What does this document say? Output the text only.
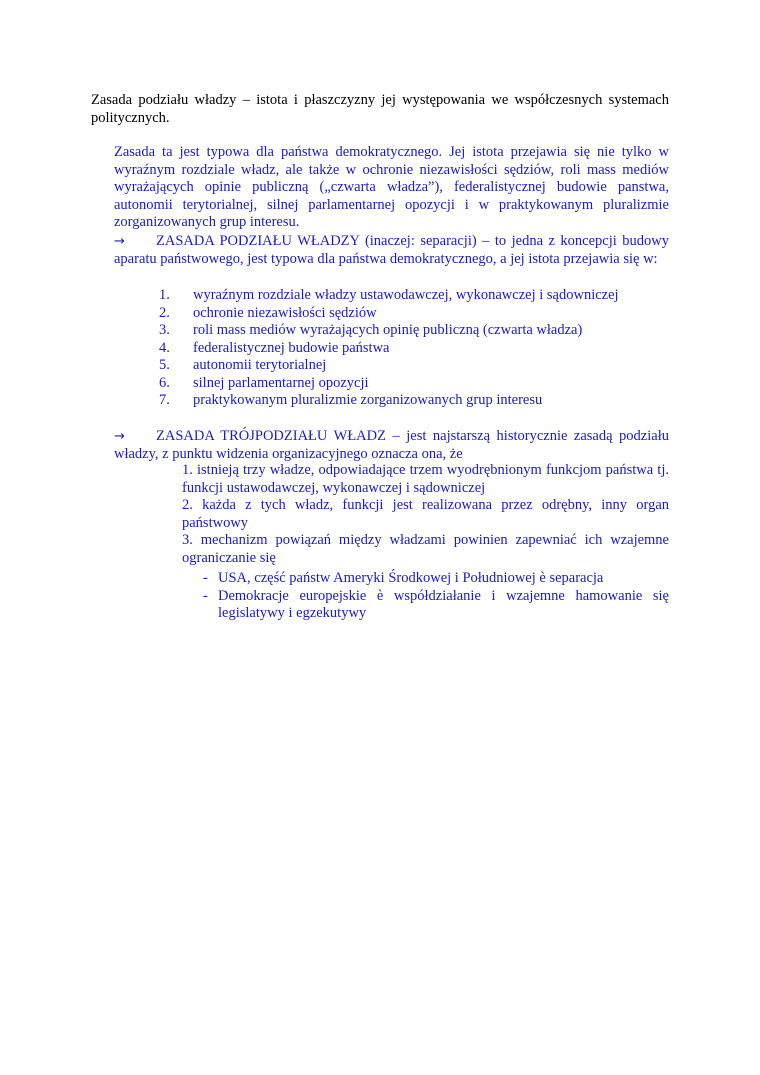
Zasada podziału władzy – istota i płaszczyzny jej występowania we współczesnych systemach politycznych.
Zasada ta jest typowa dla państwa demokratycznego. Jej istota przejawia się nie tylko w wyraźnym rozdziale władz, ale także w ochronie niezawisłości sędziów, roli mass mediów wyrażających opinie publiczną („czwarta władza”), federalistycznej budowie panstwa, autonomii terytorialnej, silnej parlamentarnej opozycji i w praktykowanym pluralizmie zorganizowanych grup interesu.
→ ZASADA PODZIAŁU WŁADZY (inaczej: separacji) – to jedna z koncepcji budowy aparatu państwowego, jest typowa dla państwa demokratycznego, a jej istota przejawia się w:
1. wyraźnym rozdziale władzy ustawodawczej, wykonawczej i sądowniczej
2. ochronie niezawisłości sędziów
3. roli mass mediów wyrażających opinię publiczną (czwarta władza)
4. federalistycznej budowie państwa
5. autonomii terytorialnej
6. silnej parlamentarnej opozycji
7. praktykowanym pluralizmie zorganizowanych grup interesu
→ ZASADA TRÓJPODZIAŁU WŁADZ – jest najstarszą historycznie zasadą podziału władzy, z punktu widzenia organizacyjnego oznacza ona, że
1. istnieją trzy władze, odpowiadające trzem wyodrębnionym funkcjom państwa tj. funkcji ustawodawczej, wykonawczej i sądowniczej
2. każda z tych władz, funkcji jest realizowana przez odrębny, inny organ państwowy
3. mechanizm powiązań między władzami powinien zapewniać ich wzajemne ograniczanie się
- USA, część państw Ameryki Środkowej i Południowej è separacja
- Demokracje europejskie è współdziałanie i wzajemne hamowanie się legislatywy i egzekutywy
